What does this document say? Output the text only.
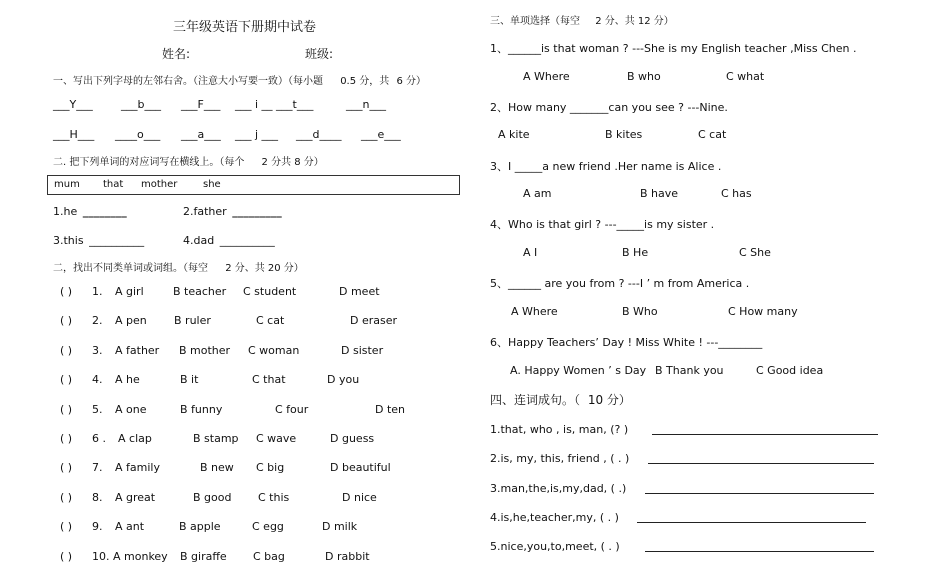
三年级英语下册期中试卷
姓名:	班级:
一、写出下列字母的左邻右舍。（注意大小写要一致）（每小题 0.5 分，共 6 分）
___Y___	___b___ ___F___ ___ i __ ___t___	___n___
___H___ ____o___ ___a___ ___ j ___ ___d____ ___e___
二. 把下列单词的对应词写在横线上。（每个 2 分共 8 分）
mum that mother	she
1.he ________	2.father _________
3.this __________	4.dad __________
二，找出不同类单词或词组。（每空 2 分、共 20 分）
( ) 1. A girl	B teacher C student	D meet
( ) 2. A pen B ruler	C cat	D eraser
( ) 3. A father B mother C woman	D sister
( ) 4. A he	B it	C that	D you
( ) 5. A one	B funny	C four	D ten
( ) 6 . A clap	B stamp C wave	D guess
( ) 7. A family	B new C big	D beautiful
( ) 8. A great	B good C this	D nice
( ) 9. A ant	B apple	C egg	D milk
( ) 10. A monkey B giraffe C bag	D rabbit
三、单项选择（每空 2 分、共 12 分）
1、______is that woman ? ---She is my English teacher ,Miss Chen .
A Where	B who	C what
2、How many _______can you see ? ---Nine.
A kite	B kites	C cat
3、I _____a new friend .Her name is Alice .
A am	B have	C has
4、Who is that girl ? ---_____is my sister .
A I	B He	C She
5、______ are you from ? ---I ’ m from America .
A Where	B Who	C How many
6、Happy Teachers’ Day ! Miss White ! ---________
A. Happy Women ’ s Day B Thank you	C Good idea
四、连词成句。（ 10 分）
1.that, who , is, man, (? )
2.is, my, this, friend , ( . )
3.man,the,is,my,dad, ( .)
4.is,he,teacher,my, ( . )
5.nice,you,to,meet, ( . )
